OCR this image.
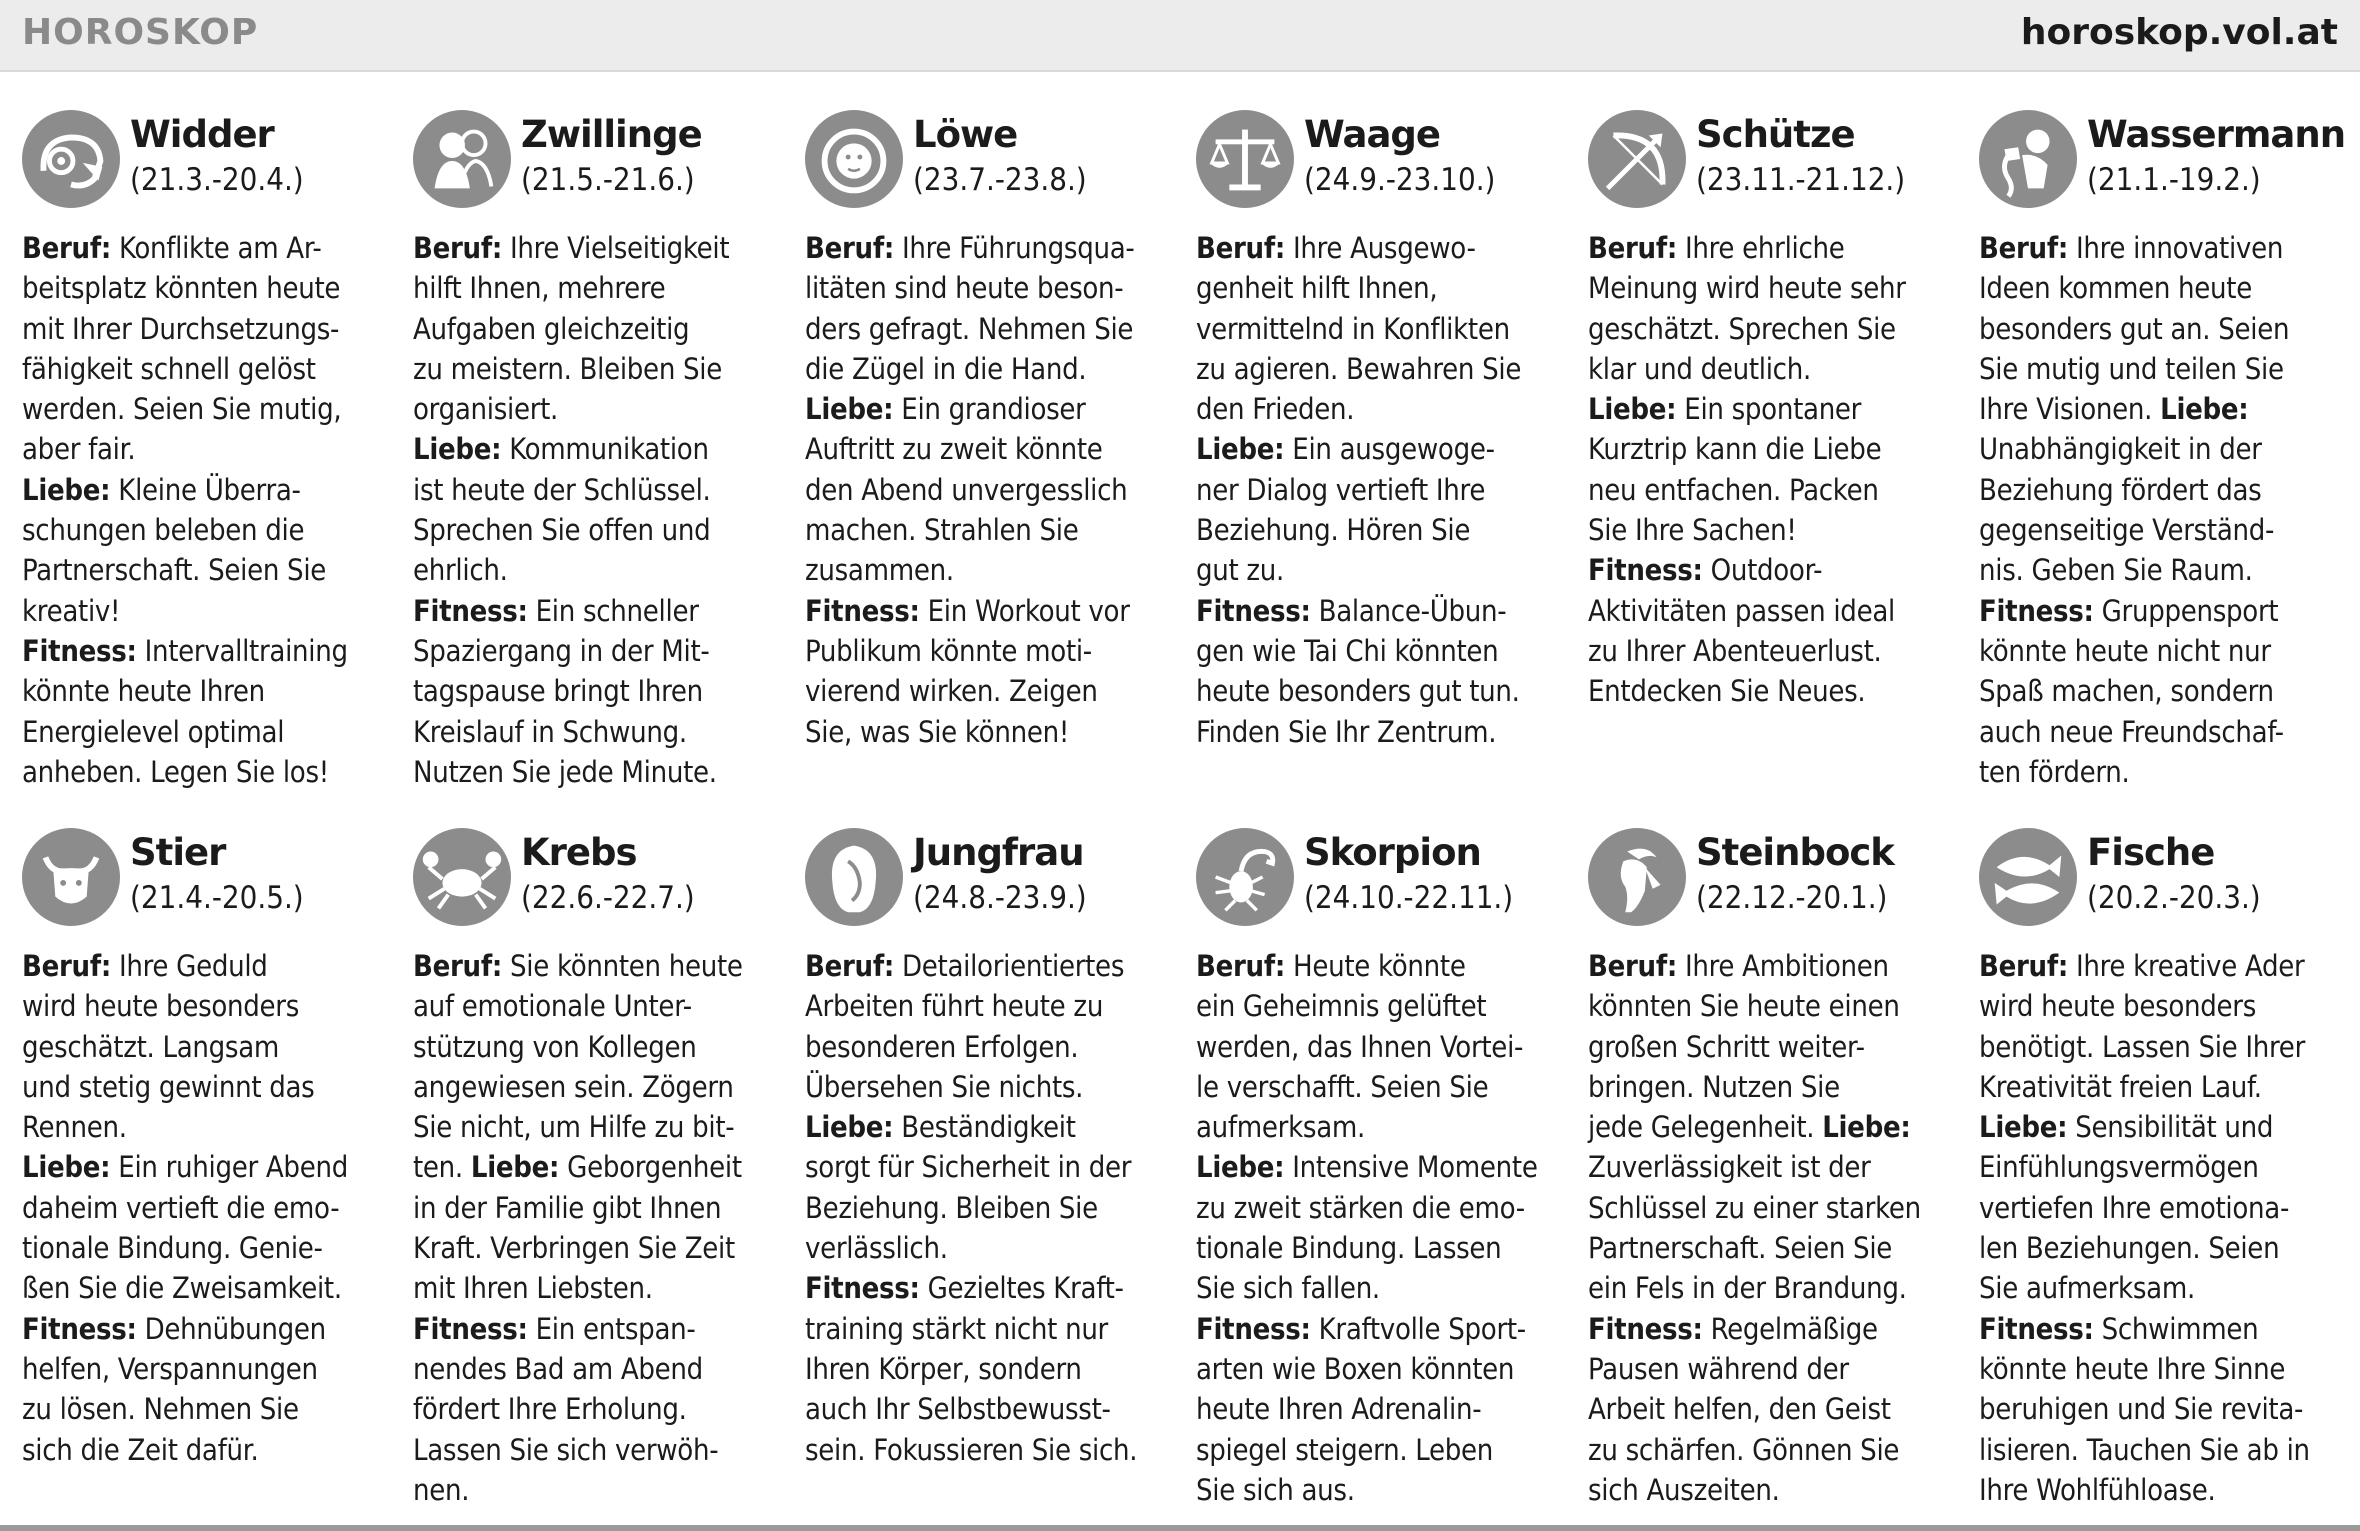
HOROSKOP	horoskop.vol.at
Widder
(21.3.-20.4.)
Beruf: Konflikte am Ar-
beitsplatz könnten heute
mit Ihrer Durchsetzungs-
fähigkeit schnell gelöst
werden. Seien Sie mutig,
aber fair.
Liebe: Kleine Überra-
schungen beleben die
Partnerschaft. Seien Sie
kreativ!
Fitness: Intervalltraining
könnte heute Ihren
Energielevel optimal
anheben. Legen Sie los!
Zwillinge
(21.5.-21.6.)
Beruf: Ihre Vielseitigkeit
hilft Ihnen, mehrere
Aufgaben gleichzeitig
zu meistern. Bleiben Sie
organisiert.
Liebe: Kommunikation
ist heute der Schlüssel.
Sprechen Sie offen und
ehrlich.
Fitness: Ein schneller
Spaziergang in der Mit-
tagspause bringt Ihren
Kreislauf in Schwung.
Nutzen Sie jede Minute.
Löwe
(23.7.-23.8.)
Beruf: Ihre Führungsqua-
litäten sind heute beson-
ders gefragt. Nehmen Sie
die Zügel in die Hand.
Liebe: Ein grandioser
Auftritt zu zweit könnte
den Abend unvergesslich
machen. Strahlen Sie
zusammen.
Fitness: Ein Workout vor
Publikum könnte moti-
vierend wirken. Zeigen
Sie, was Sie können!
Waage
(24.9.-23.10.)
Beruf: Ihre Ausgewo-
genheit hilft Ihnen,
vermittelnd in Konflikten
zu agieren. Bewahren Sie
den Frieden.
Liebe: Ein ausgewoge-
ner Dialog vertieft Ihre
Beziehung. Hören Sie
gut zu.
Fitness: Balance-Übun-
gen wie Tai Chi könnten
heute besonders gut tun.
Finden Sie Ihr Zentrum.
Schütze
(23.11.-21.12.)
Beruf: Ihre ehrliche
Meinung wird heute sehr
geschätzt. Sprechen Sie
klar und deutlich.
Liebe: Ein spontaner
Kurztrip kann die Liebe
neu entfachen. Packen
Sie Ihre Sachen!
Fitness: Outdoor-
Aktivitäten passen ideal
zu Ihrer Abenteuerlust.
Entdecken Sie Neues.
Wassermann
(21.1.-19.2.)
Beruf: Ihre innovativen
Ideen kommen heute
besonders gut an. Seien
Sie mutig und teilen Sie
Ihre Visionen. Liebe:
Unabhängigkeit in der
Beziehung fördert das
gegenseitige Verständ-
nis. Geben Sie Raum.
Fitness: Gruppensport
könnte heute nicht nur
Spaß machen, sondern
auch neue Freundschaf-
ten fördern.
Stier
(21.4.-20.5.)
Beruf: Ihre Geduld
wird heute besonders
geschätzt. Langsam
und stetig gewinnt das
Rennen.
Liebe: Ein ruhiger Abend
daheim vertieft die emo-
tionale Bindung. Genie-
ßen Sie die Zweisamkeit.
Fitness: Dehnübungen
helfen, Verspannungen
zu lösen. Nehmen Sie
sich die Zeit dafür.
Krebs
(22.6.-22.7.)
Beruf: Sie könnten heute
auf emotionale Unter-
stützung von Kollegen
angewiesen sein. Zögern
Sie nicht, um Hilfe zu bit-
ten. Liebe: Geborgenheit
in der Familie gibt Ihnen
Kraft. Verbringen Sie Zeit
mit Ihren Liebsten.
Fitness: Ein entspan-
nendes Bad am Abend
fördert Ihre Erholung.
Lassen Sie sich verwöh-
nen.
Jungfrau
(24.8.-23.9.)
Beruf: Detailorientiertes
Arbeiten führt heute zu
besonderen Erfolgen.
Übersehen Sie nichts.
Liebe: Beständigkeit
sorgt für Sicherheit in der
Beziehung. Bleiben Sie
verlässlich.
Fitness: Gezieltes Kraft-
training stärkt nicht nur
Ihren Körper, sondern
auch Ihr Selbstbewusst-
sein. Fokussieren Sie sich.
Skorpion
(24.10.-22.11.)
Beruf: Heute könnte
ein Geheimnis gelüftet
werden, das Ihnen Vortei-
le verschafft. Seien Sie
aufmerksam.
Liebe: Intensive Momente
zu zweit stärken die emo-
tionale Bindung. Lassen
Sie sich fallen.
Fitness: Kraftvolle Sport-
arten wie Boxen könnten
heute Ihren Adrenalin-
spiegel steigern. Leben
Sie sich aus.
Steinbock
(22.12.-20.1.)
Beruf: Ihre Ambitionen
könnten Sie heute einen
großen Schritt weiter-
bringen. Nutzen Sie
jede Gelegenheit. Liebe:
Zuverlässigkeit ist der
Schlüssel zu einer starken
Partnerschaft. Seien Sie
ein Fels in der Brandung.
Fitness: Regelmäßige
Pausen während der
Arbeit helfen, den Geist
zu schärfen. Gönnen Sie
sich Auszeiten.
Fische
(20.2.-20.3.)
Beruf: Ihre kreative Ader
wird heute besonders
benötigt. Lassen Sie Ihrer
Kreativität freien Lauf.
Liebe: Sensibilität und
Einfühlungsvermögen
vertiefen Ihre emotiona-
len Beziehungen. Seien
Sie aufmerksam.
Fitness: Schwimmen
könnte heute Ihre Sinne
beruhigen und Sie revita-
lisieren. Tauchen Sie ab in
Ihre Wohlfühloase.
